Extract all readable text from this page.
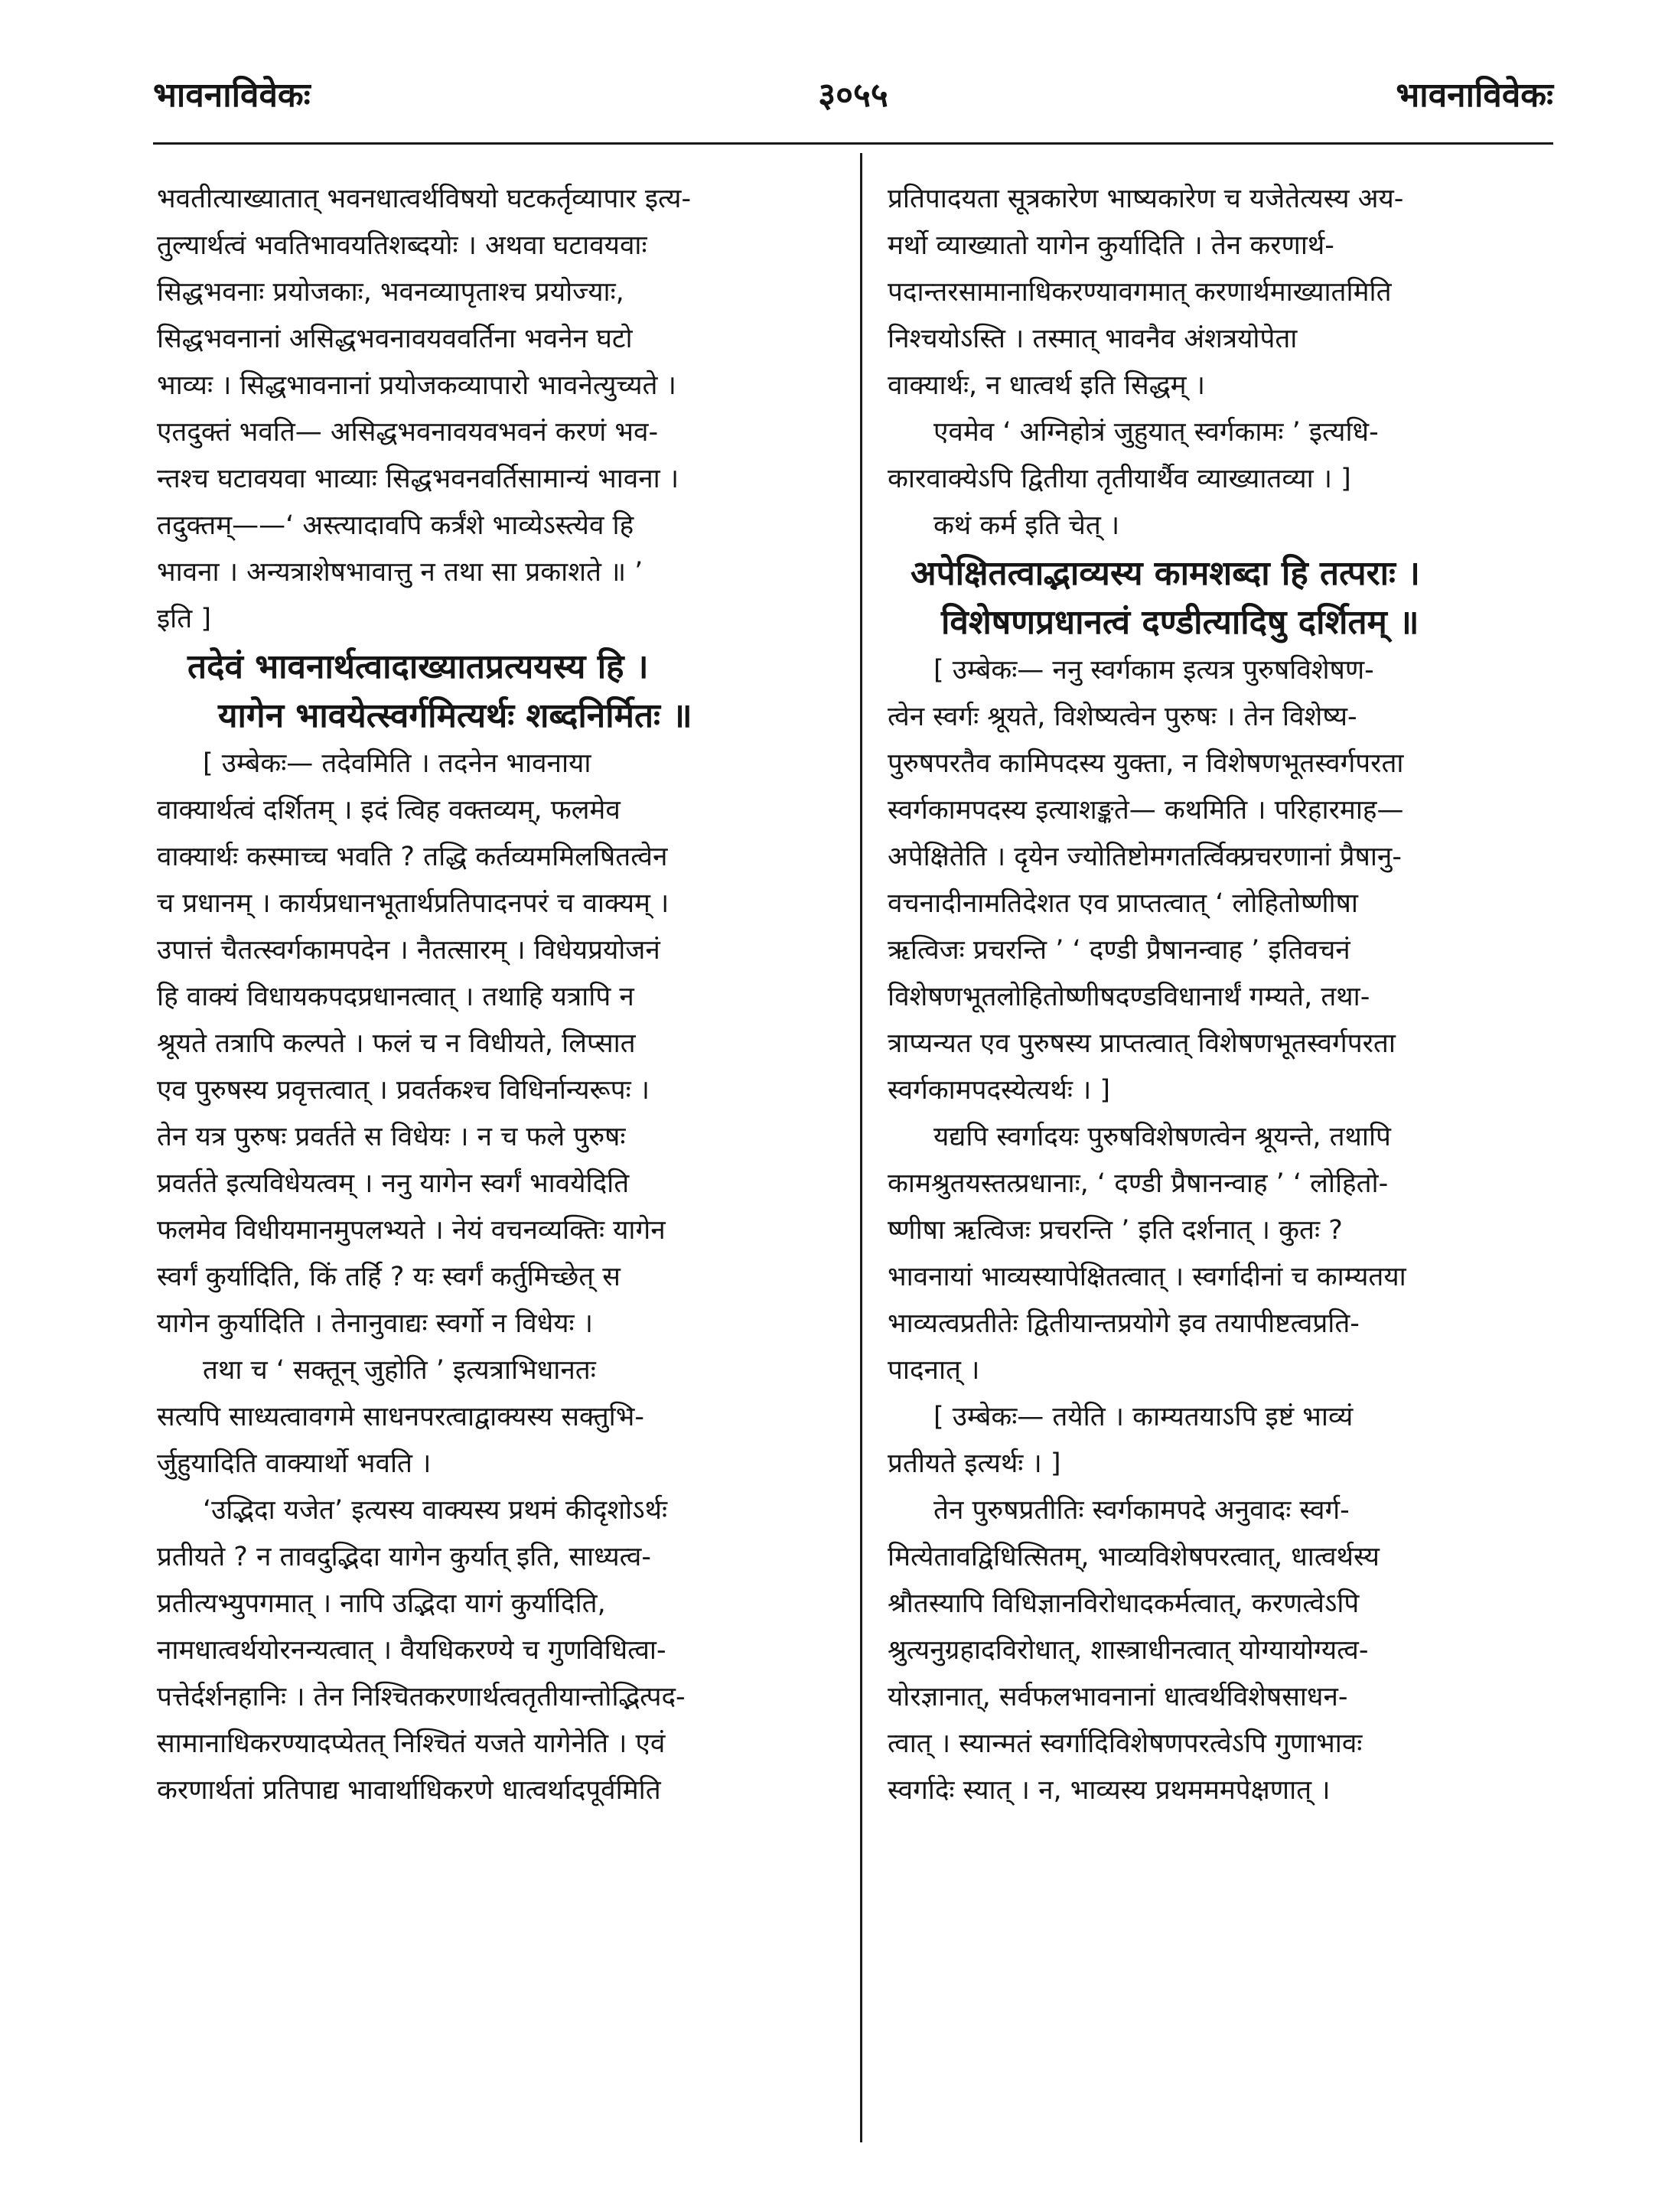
भावनाविवेकः	३०५५	भावनाविवेकः
भवतीत्याख्यातात् भवनधात्वर्थविषयो घटकर्तृव्यापार इत्य-
तुल्यार्थत्वं भवतिभावयतिशब्दयोः । अथवा घटावयवाः
सिद्धभवनाः प्रयोजकाः, भवनव्यापृताश्च प्रयोज्याः,
सिद्धभवनानां असिद्धभवनावयववर्तिना भवनेन घटो
भाव्यः । सिद्धभावनानां प्रयोजकव्यापारो भावनेत्युच्यते ।
एतदुक्तं भवति— असिद्धभवनावयवभवनं करणं भव-
न्तश्च घटावयवा भाव्याः सिद्धभवनवर्तिसामान्यं भावना ।
तदुक्तम्——‘ अस्त्यादावपि कर्त्रंशे भाव्येऽस्त्येव हि
भावना । अन्यत्राशेषभावात्तु न तथा सा प्रकाशते ॥ ’
इति ]
तदेवं भावनार्थत्वादाख्यातप्रत्ययस्य हि ।
यागेन भावयेत्स्वर्गमित्यर्थः शब्दनिर्मितः ॥
[ उम्बेकः— तदेवमिति । तदनेन भावनाया
वाक्यार्थत्वं दर्शितम् । इदं त्विह वक्तव्यम्, फलमेव
वाक्यार्थः कस्माच्च भवति ? तद्धि कर्तव्यममिलषितत्वेन
च प्रधानम् । कार्यप्रधानभूतार्थप्रतिपादनपरं च वाक्यम् ।
उपात्तं चैतत्स्वर्गकामपदेन । नैतत्सारम् । विधेयप्रयोजनं
हि वाक्यं विधायकपदप्रधानत्वात् । तथाहि यत्रापि न
श्रूयते तत्रापि कल्पते । फलं च न विधीयते, लिप्सात
एव पुरुषस्य प्रवृत्तत्वात् । प्रवर्तकश्च विधिर्नान्यरूपः ।
तेन यत्र पुरुषः प्रवर्तते स विधेयः । न च फले पुरुषः
प्रवर्तते इत्यविधेयत्वम् । ननु यागेन स्वर्गं भावयेदिति
फलमेव विधीयमानमुपलभ्यते । नेयं वचनव्यक्तिः यागेन
स्वर्गं कुर्यादिति, किं तर्हि ? यः स्वर्गं कर्तुमिच्छेत् स
यागेन कुर्यादिति । तेनानुवाद्यः स्वर्गो न विधेयः ।
तथा च ‘ सक्तून् जुहोति ’ इत्यत्राभिधानतः
सत्यपि साध्यत्वावगमे साधनपरत्वाद्वाक्यस्य सक्तुभि-
र्जुहुयादिति वाक्यार्थो भवति ।
‘उद्भिदा यजेत’ इत्यस्य वाक्यस्य प्रथमं कीदृशोऽर्थः
प्रतीयते ? न तावदुद्भिदा यागेन कुर्यात् इति, साध्यत्व-
प्रतीत्यभ्युपगमात् । नापि उद्भिदा यागं कुर्यादिति,
नामधात्वर्थयोरनन्यत्वात् । वैयधिकरण्ये च गुणविधित्वा-
पत्तेर्दर्शनहानिः । तेन निश्चितकरणार्थत्वतृतीयान्तोद्भित्पद-
सामानाधिकरण्यादप्येतत् निश्चितं यजते यागेनेति । एवं
करणार्थतां प्रतिपाद्य भावार्थाधिकरणे धात्वर्थादपूर्वमिति
प्रतिपादयता सूत्रकारेण भाष्यकारेण च यजेतेत्यस्य अय-
मर्थो व्याख्यातो यागेन कुर्यादिति । तेन करणार्थ-
पदान्तरसामानाधिकरण्यावगमात् करणार्थमाख्यातमिति
निश्चयोऽस्ति । तस्मात् भावनैव अंशत्रयोपेता
वाक्यार्थः, न धात्वर्थ इति सिद्धम् ।
एवमेव ‘ अग्निहोत्रं जुहुयात् स्वर्गकामः ’ इत्यधि-
कारवाक्येऽपि द्वितीया तृतीयार्थैव व्याख्यातव्या । ]
कथं कर्म इति चेत् ।
अपेक्षितत्वाद्भाव्यस्य कामशब्दा हि तत्पराः ।
विशेषणप्रधानत्वं दण्डीत्यादिषु दर्शितम् ॥
[ उम्बेकः— ननु स्वर्गकाम इत्यत्र पुरुषविशेषण-
त्वेन स्वर्गः श्रूयते, विशेष्यत्वेन पुरुषः । तेन विशेष्य-
पुरुषपरतैव कामिपदस्य युक्ता, न विशेषणभूतस्वर्गपरता
स्वर्गकामपदस्य इत्याशङ्कते— कथमिति । परिहारमाह—
अपेक्षितेति । दृयेन ज्योतिष्टोमगतर्त्विक्प्रचरणानां प्रैषानु-
वचनादीनामतिदेशत एव प्राप्तत्वात् ‘ लोहितोष्णीषा
ऋत्विजः प्रचरन्ति ’ ‘ दण्डी प्रैषानन्वाह ’ इतिवचनं
विशेषणभूतलोहितोष्णीषदण्डविधानार्थं गम्यते, तथा-
त्राप्यन्यत एव पुरुषस्य प्राप्तत्वात् विशेषणभूतस्वर्गपरता
स्वर्गकामपदस्येत्यर्थः । ]
यद्यपि स्वर्गादयः पुरुषविशेषणत्वेन श्रूयन्ते, तथापि
कामश्रुतयस्तत्प्रधानाः, ‘ दण्डी प्रैषानन्वाह ’ ‘ लोहितो-
ष्णीषा ऋत्विजः प्रचरन्ति ’ इति दर्शनात् । कुतः ?
भावनायां भाव्यस्यापेक्षितत्वात् । स्वर्गादीनां च काम्यतया
भाव्यत्वप्रतीतेः द्वितीयान्तप्रयोगे इव तयापीष्टत्वप्रति-
पादनात् ।
[ उम्बेकः— तयेति । काम्यतयाऽपि इष्टं भाव्यं
प्रतीयते इत्यर्थः । ]
तेन पुरुषप्रतीतिः स्वर्गकामपदे अनुवादः स्वर्ग-
मित्येतावद्विधित्सितम्, भाव्यविशेषपरत्वात्, धात्वर्थस्य
श्रौतस्यापि विधिज्ञानविरोधादकर्मत्वात्, करणत्वेऽपि
श्रुत्यनुग्रहादविरोधात्, शास्त्राधीनत्वात् योग्यायोग्यत्व-
योरज्ञानात्, सर्वफलभावनानां धात्वर्थविशेषसाधन-
त्वात् । स्यान्मतं स्वर्गादिविशेषणपरत्वेऽपि गुणाभावः
स्वर्गादेः स्यात् । न, भाव्यस्य प्रथमममपेक्षणात् ।
